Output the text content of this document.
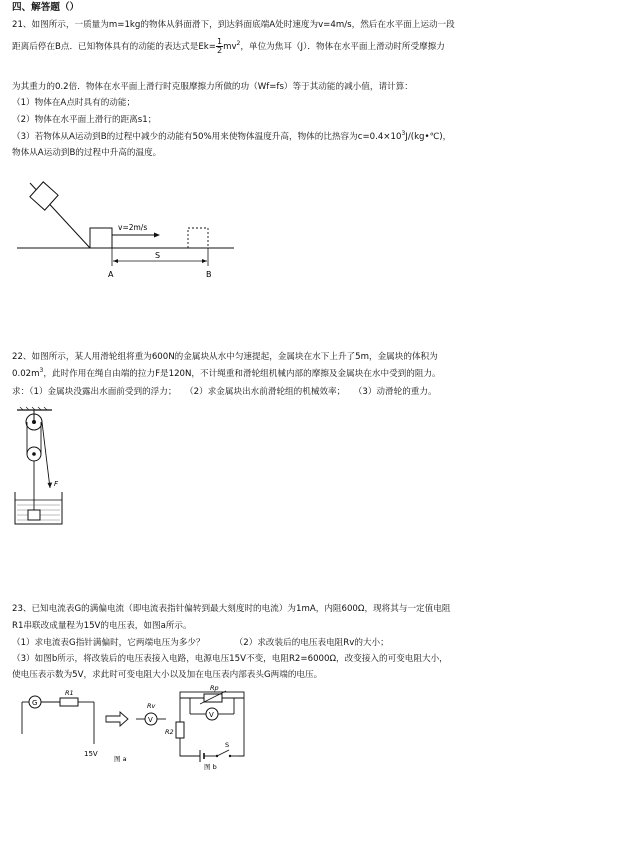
四、解答题（）
21、如图所示，一质量为m=1kg的物体从斜面滑下，到达斜面底端A处时速度为v=4m/s，然后在水平面上运动一段
距离后停在B点．已知物体具有的动能的表达式是$Ek= \frac{1}{2} mv^2$，单位为焦耳（J）．物体在水平面上滑动时所受摩擦力
为其重力的0.2倍．物体在水平面上滑行时克服摩擦力所做的功（Wf=fs）等于其动能的减小值，请计算：
（1）物体在A点时具有的动能；
（2）物体在水平面上滑行的距离s1；
（3）若物体从A运动到B的过程中减少的动能有50%用来使物体温度升高，物体的比热容为$c=0.4\times 10^3J/(kg•℃)$，
物体从A运动到B的过程中升高的温度。
v=2m/s
S
A	B
22、如图所示，某人用滑轮组将重为600N的金属块从水中匀速提起，金属块在水下上升了5m，金属块的体积为
$0.02m^3$，此时作用在绳自由端的拉力F是120N，不计绳重和滑轮组机械内部的摩擦及金属块在水中受到的阻力。
求：（1）金属块没露出水面前受到的浮力；　　（2）求金属块出水前滑轮组的机械效率；　　（3）动滑轮的重力。
F
23、已知电流表G的满偏电流（即电流表指针偏转到最大刻度时的电流）为1mA，内阻600Ω，现将其与一定值电阻
R1串联改成量程为15V的电压表，如图a所示。
（1）求电流表G指针满偏时，它两端电压为多少？　　　　（2）求改装后的电压表电阻Rv的大小；
（3）如图b所示，将改装后的电压表接入电路，电源电压15V不变，电阻R2=6000Ω，改变接入的可变电阻大小，
使电压表示数为5V，求此时可变电阻大小以及加在电压表内部表头G两端的电压。
G
R1
15V
图 a
V
Rv
Rp
V
R2
S
图 b
